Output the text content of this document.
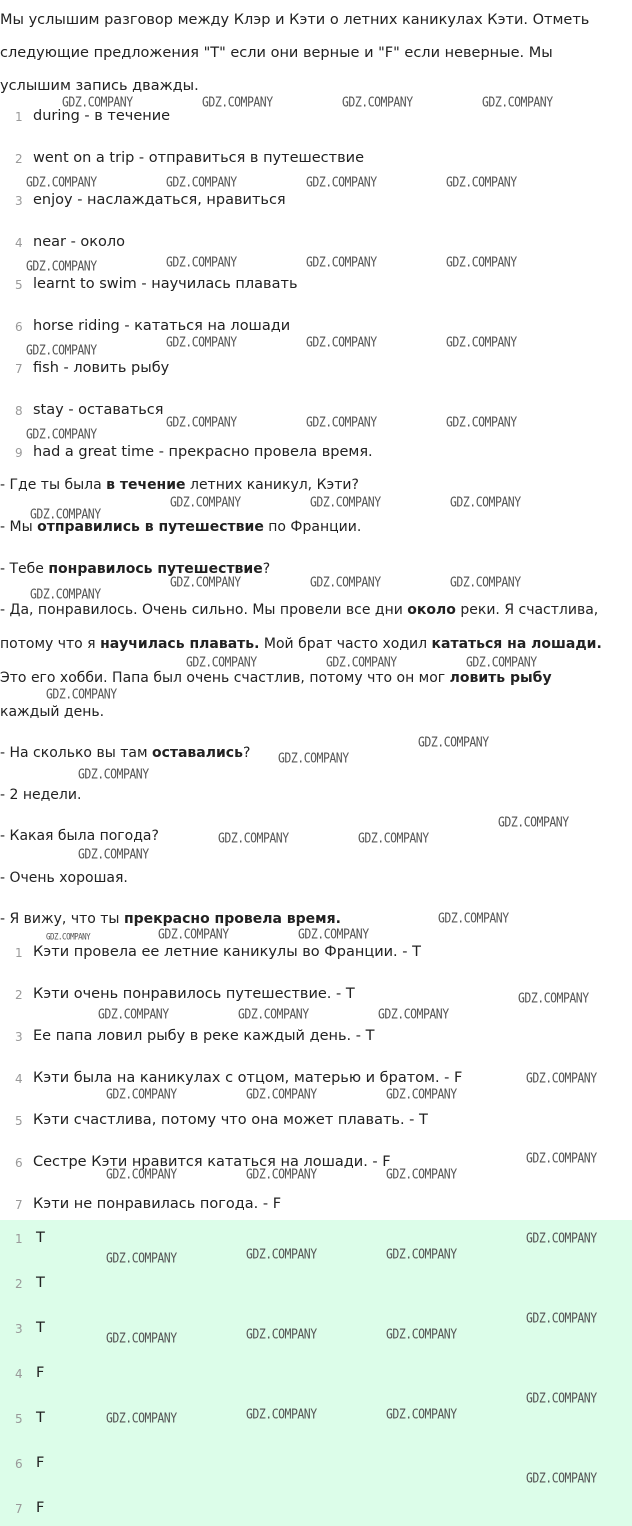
Мы услышим разговор между Клэр и Кэти о летних каникулах Кэти. Отметь следующие предложения "T" если они верные и "F" если неверные. Мы услышим запись дважды.
1 during - в течение
2 went on a trip - отправиться в путешествие
3 enjoy - наслаждаться, нравиться
4 near - около
5 learnt to swim - научилась плавать
6 horse riding - кататься на лошади
7 fish - ловить рыбу
8 stay - оставаться
9 had a great time - прекрасно провела время.
- Где ты была в течение летних каникул, Кэти?
- Мы отправились в путешествие по Франции.
- Тебе понравилось путешествие?
- Да, понравилось. Очень сильно. Мы провели все дни около реки. Я счастлива,
потому что я научилась плавать. Мой брат часто ходил кататься на лошади.
Это его хобби. Папа был очень счастлив, потому что он мог ловить рыбу
каждый день.
- На сколько вы там оставались?
- 2 недели.
- Какая была погода?
- Очень хорошая.
- Я вижу, что ты прекрасно провела время.
1 Кэти провела ее летние каникулы во Франции. - T
2 Кэти очень понравилось путешествие. - T
3 Ее папа ловил рыбу в реке каждый день. - T
4 Кэти была на каникулах с отцом, матерью и братом. - F
5 Кэти счастлива, потому что она может плавать. - T
6 Сестре Кэти нравится кататься на лошади. - F
7 Кэти не понравилась погода. - F
1 T
2 T
3 T
4 F
5 T
6 F
7 F
GDZ.COMPANY	GDZ.COMPANY	GDZ.COMPANY	GDZ.COMPANY
GDZ.COMPANY	GDZ.COMPANY	GDZ.COMPANY	GDZ.COMPANY
GDZ.COMPANY	GDZ.COMPANY	GDZ.COMPANY	GDZ.COMPANY
GDZ.COMPANY	GDZ.COMPANY	GDZ.COMPANY	GDZ.COMPANY
GDZ.COMPANY
GDZ.COMPANY	GDZ.COMPANY	GDZ.COMPANY
GDZ.COMPANY	GDZ.COMPANY	GDZ.COMPANY
GDZ.COMPANY
GDZ.COMPANY	GDZ.COMPANY	GDZ.COMPANY
GDZ.COMPANY
GDZ.COMPANY	GDZ.COMPANY	GDZ.COMPANY
GDZ.COMPANY
GDZ.COMPANY
GDZ.COMPANY
GDZ.COMPANY
GDZ.COMPANY
GDZ.COMPANY	GDZ.COMPANY
GDZ.COMPANY
GDZ.COMPANY
GDZ.COMPANY	GDZ.COMPANY	GDZ.COMPANY
GDZ.COMPANY
GDZ.COMPANY	GDZ.COMPANY	GDZ.COMPANY
GDZ.COMPANY
GDZ.COMPANY	GDZ.COMPANY	GDZ.COMPANY
GDZ.COMPANY
GDZ.COMPANY	GDZ.COMPANY	GDZ.COMPANY
GDZ.COMPANY
GDZ.COMPANY	GDZ.COMPANY	GDZ.COMPANY
GDZ.COMPANY
GDZ.COMPANY	GDZ.COMPANY	GDZ.COMPANY
GDZ.COMPANY
GDZ.COMPANY	GDZ.COMPANY	GDZ.COMPANY
GDZ.COMPANY
